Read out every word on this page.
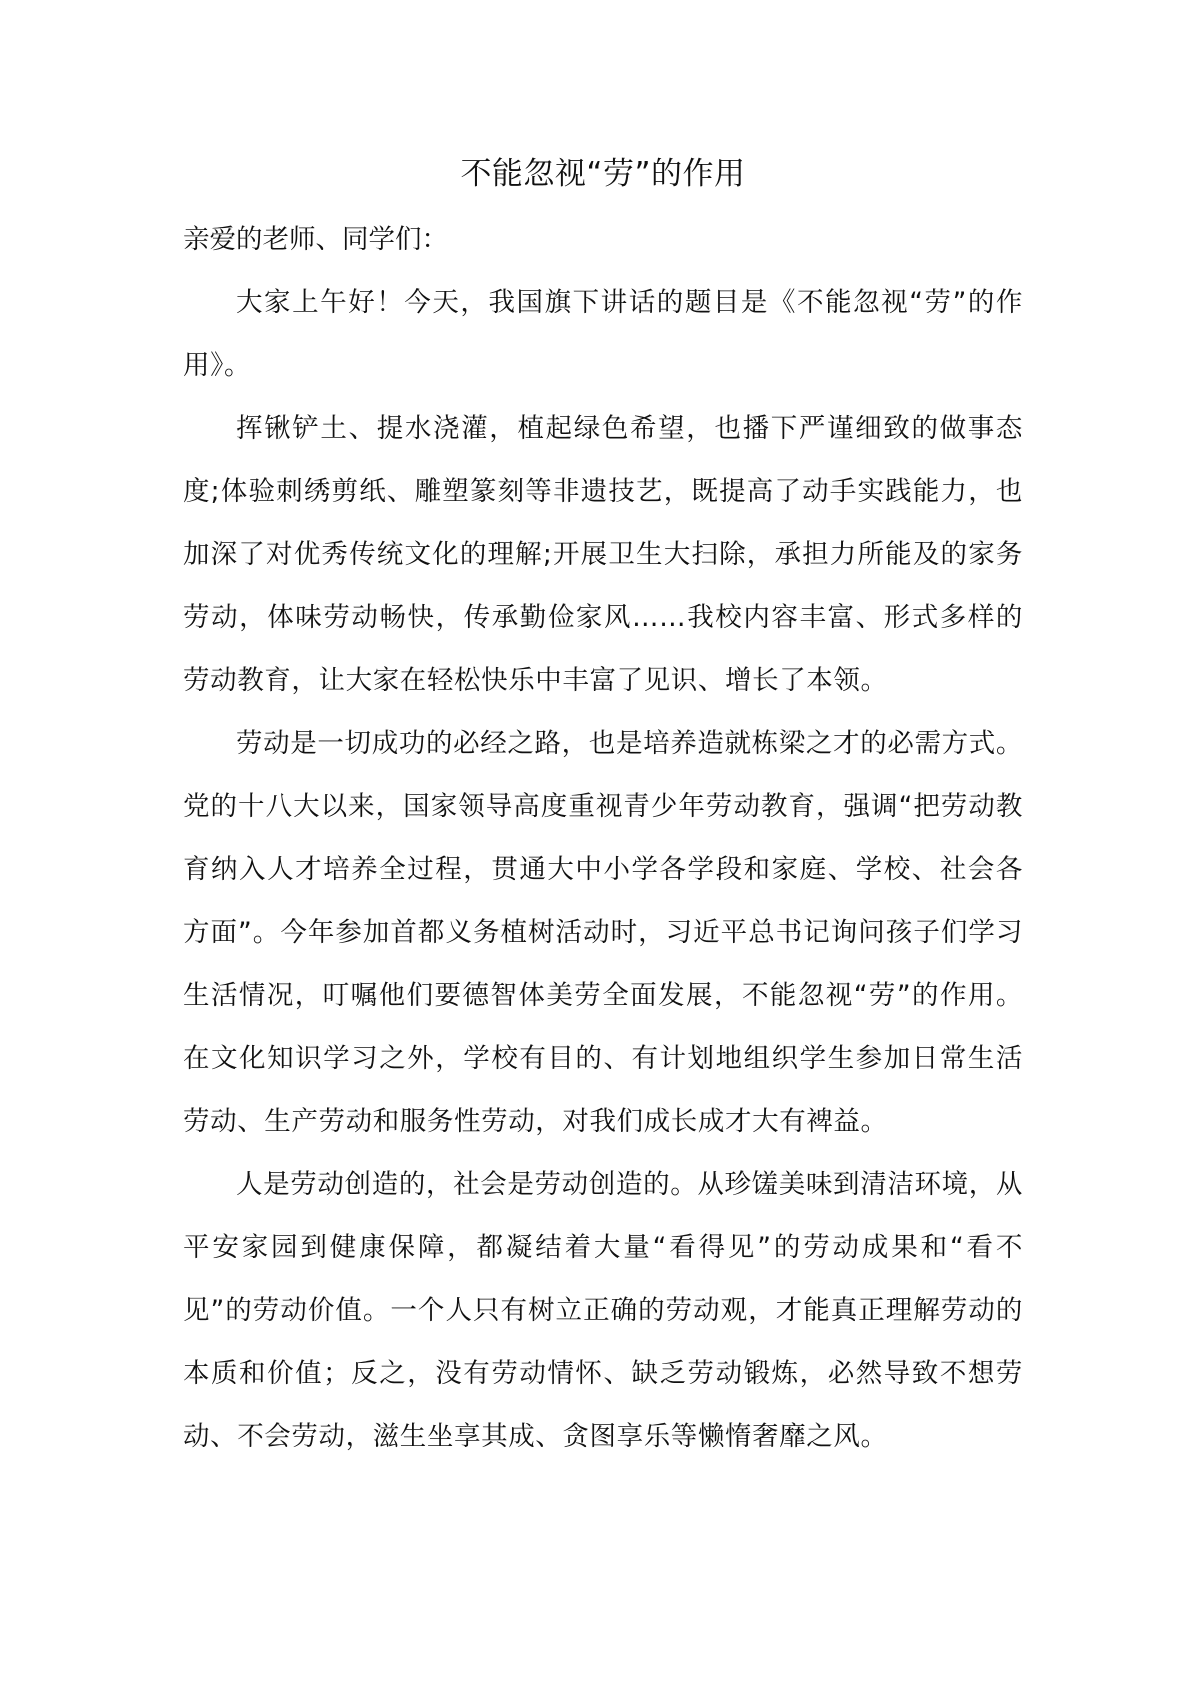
不能忽视“劳”的作用

亲爱的老师、同学们：

大家上午好！今天，我国旗下讲话的题目是《不能忽视“劳”的作用》。

挥锹铲土、提水浇灌，植起绿色希望，也播下严谨细致的做事态度;体验刺绣剪纸、雕塑篆刻等非遗技艺，既提高了动手实践能力，也加深了对优秀传统文化的理解;开展卫生大扫除，承担力所能及的家务劳动，体味劳动畅快，传承勤俭家风……我校内容丰富、形式多样的劳动教育，让大家在轻松快乐中丰富了见识、增长了本领。

劳动是一切成功的必经之路，也是培养造就栋梁之才的必需方式。党的十八大以来，国家领导高度重视青少年劳动教育，强调“把劳动教育纳入人才培养全过程，贯通大中小学各学段和家庭、学校、社会各方面”。今年参加首都义务植树活动时，习近平总书记询问孩子们学习生活情况，叮嘱他们要德智体美劳全面发展，不能忽视“劳”的作用。在文化知识学习之外，学校有目的、有计划地组织学生参加日常生活劳动、生产劳动和服务性劳动，对我们成长成才大有裨益。

人是劳动创造的，社会是劳动创造的。从珍馐美味到清洁环境，从平安家园到健康保障，都凝结着大量“看得见”的劳动成果和“看不见”的劳动价值。一个人只有树立正确的劳动观，才能真正理解劳动的本质和价值；反之，没有劳动情怀、缺乏劳动锻炼，必然导致不想劳动、不会劳动，滋生坐享其成、贪图享乐等懒惰奢靡之风。
